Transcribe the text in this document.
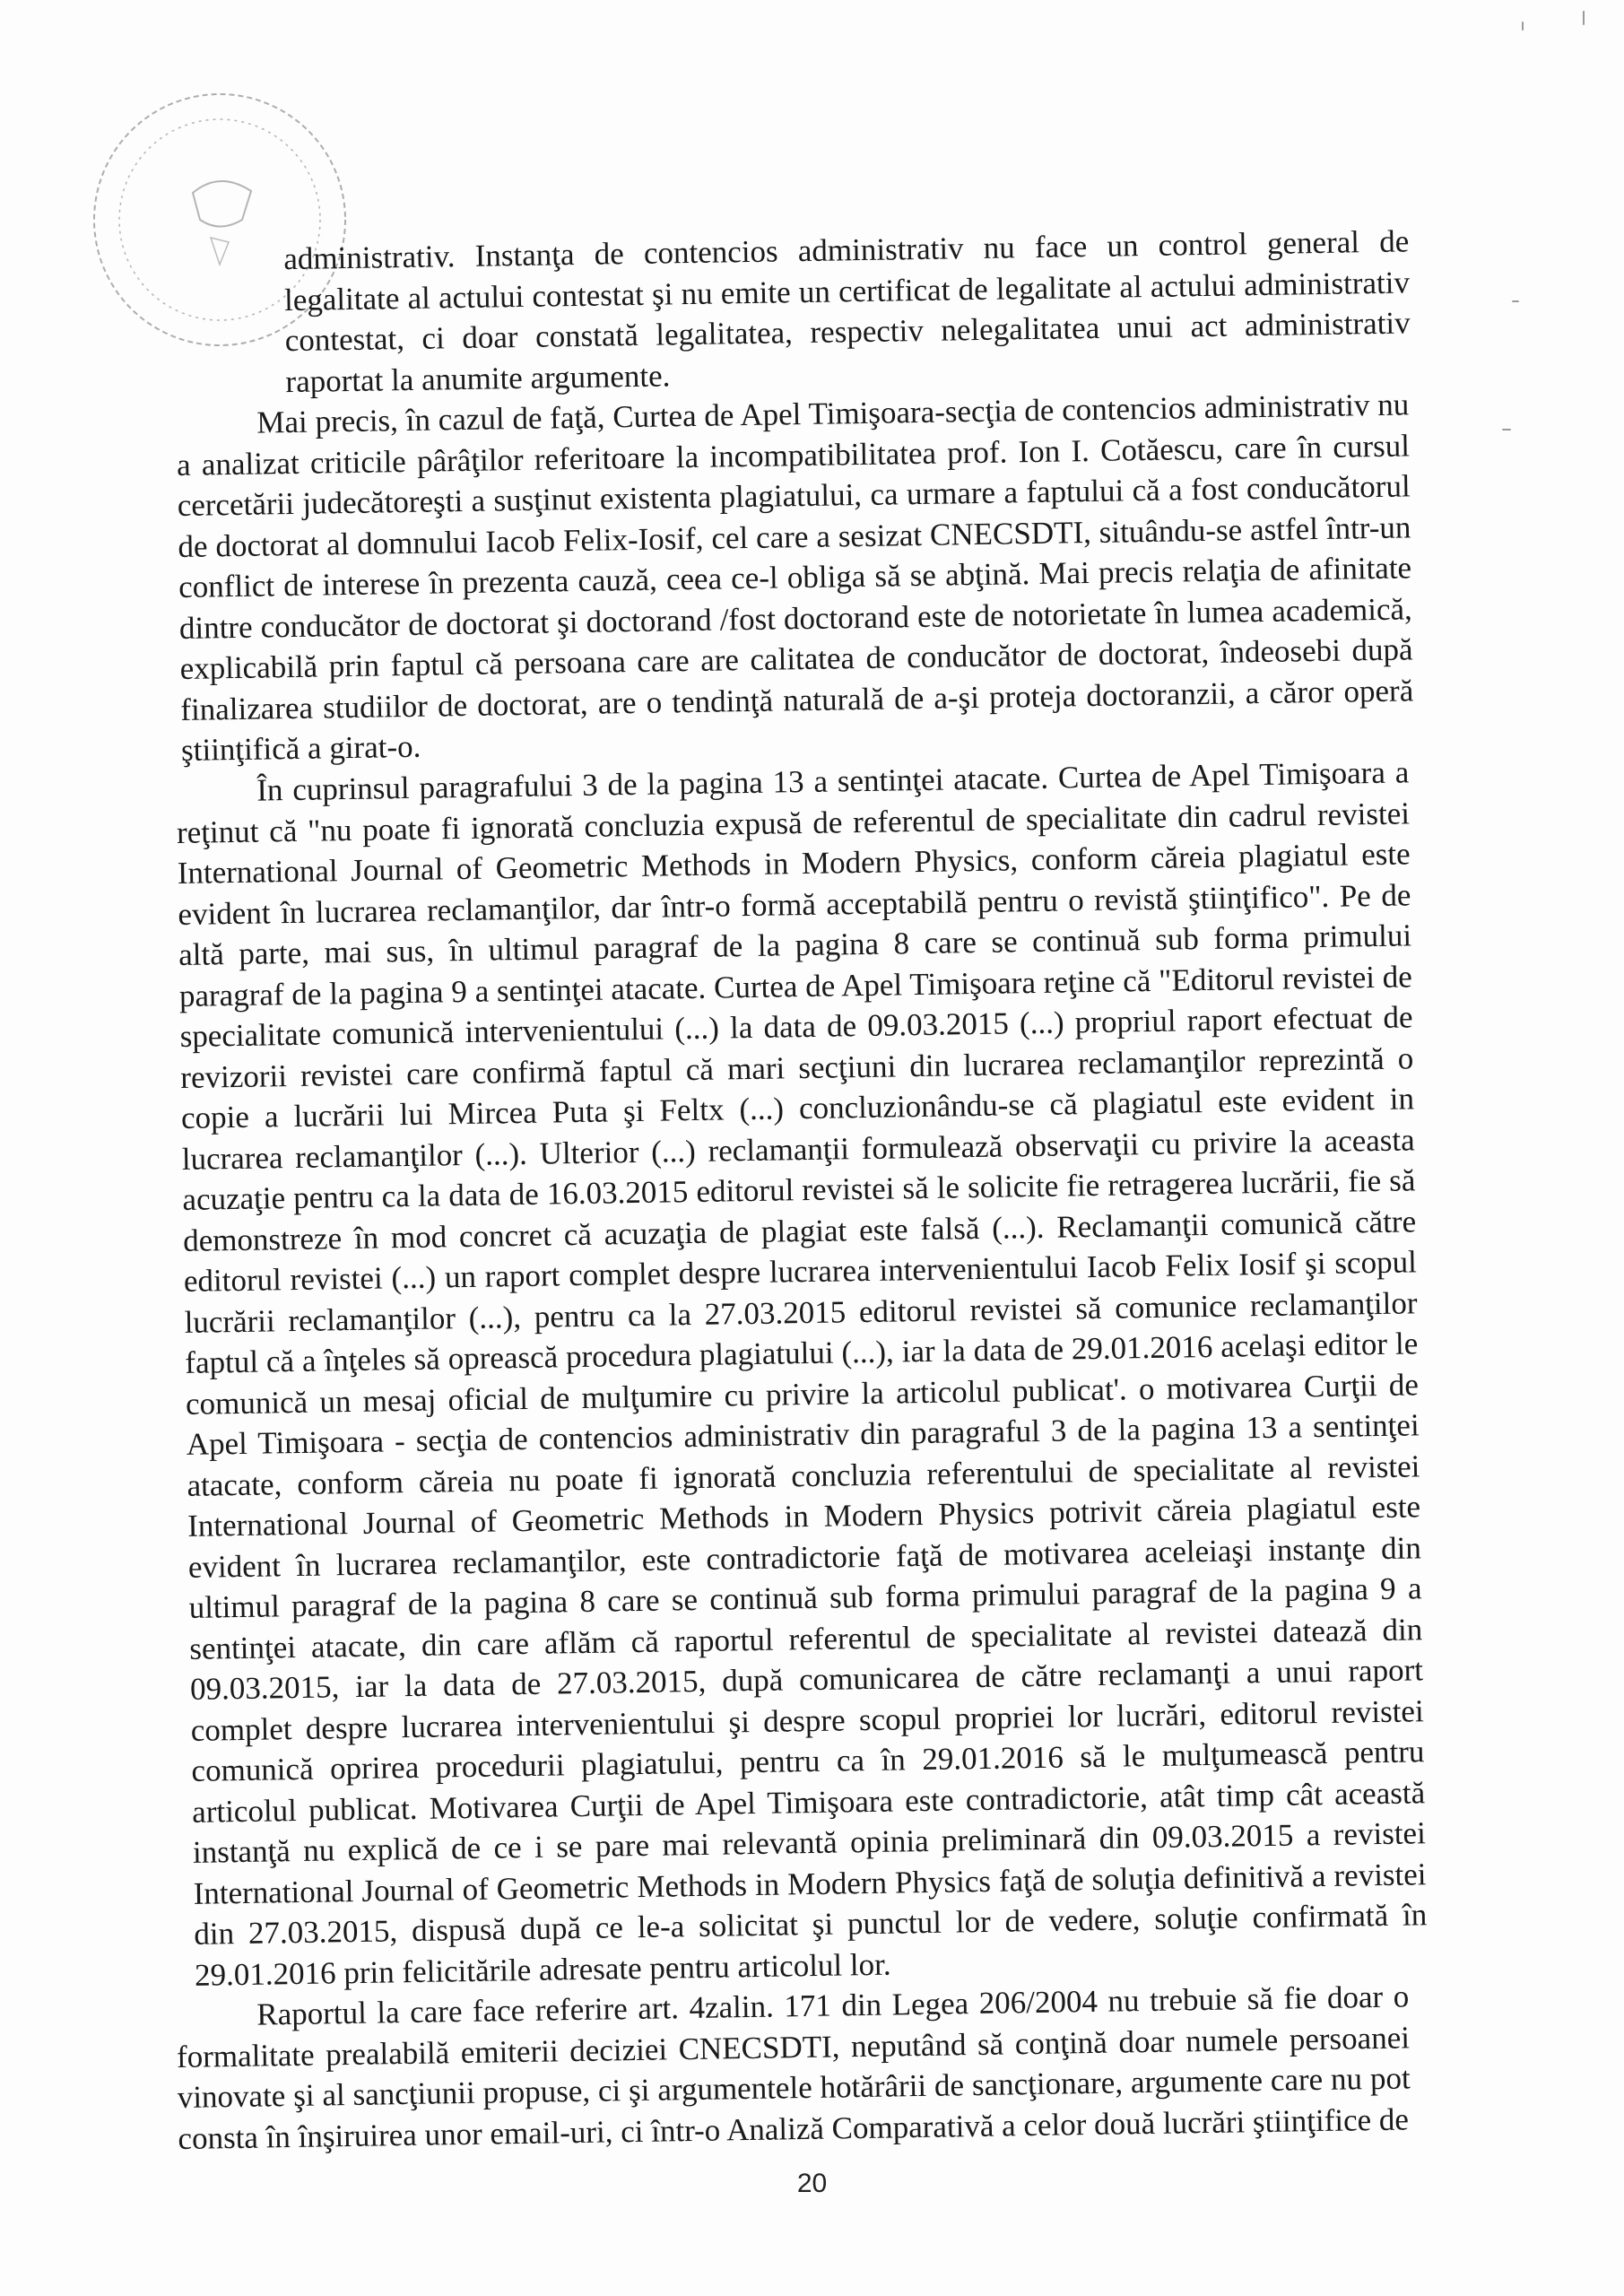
administrativ. Instanţa de contencios administrativ nu face un control general de legalitate al actului contestat şi nu emite un certificat de legalitate al actului administrativ contestat, ci doar constată legalitatea, respectiv nelegalitatea unui act administrativ raportat la anumite argumente.

Mai precis, în cazul de faţă, Curtea de Apel Timişoara-secţia de contencios administrativ nu a analizat criticile pârâţilor referitoare la incompatibilitatea prof. Ion I. Cotăescu, care în cursul cercetării judecătoreşti a susţinut existenta plagiatului, ca urmare a faptului că a fost conducătorul de doctorat al domnului Iacob Felix-Iosif, cel care a sesizat CNECSDTI, situându-se astfel într-un conflict de interese în prezenta cauză, ceea ce-l obliga să se abţină. Mai precis relaţia de afinitate dintre conducător de doctorat şi doctorand /fost doctorand este de notorietate în lumea academică, explicabilă prin faptul că persoana care are calitatea de conducător de doctorat, îndeosebi după finalizarea studiilor de doctorat, are o tendinţă naturală de a-şi proteja doctoranzii, a căror operă ştiinţifică a girat-o.

În cuprinsul paragrafului 3 de la pagina 13 a sentinţei atacate. Curtea de Apel Timişoara a reţinut că "nu poate fi ignorată concluzia expusă de referentul de specialitate din cadrul revistei International Journal of Geometric Methods in Modern Physics, conform căreia plagiatul este evident în lucrarea reclamanţilor, dar într-o formă acceptabilă pentru o revistă ştiinţifico". Pe de altă parte, mai sus, în ultimul paragraf de la pagina 8 care se continuă sub forma primului paragraf de la pagina 9 a sentinţei atacate. Curtea de Apel Timişoara reţine că "Editorul revistei de specialitate comunică intervenientului (...) la data de 09.03.2015 (...) propriul raport efectuat de revizorii revistei care confirmă faptul că mari secţiuni din lucrarea reclamanţilor reprezintă o copie a lucrării lui Mircea Puta şi Feltx (...) concluzionându-se că plagiatul este evident in lucrarea reclamanţilor (...). Ulterior (...) reclamanţii formulează observaţii cu privire la aceasta acuzaţie pentru ca la data de 16.03.2015 editorul revistei să le solicite fie retragerea lucrării, fie să demonstreze în mod concret că acuzaţia de plagiat este falsă (...). Reclamanţii comunică către editorul revistei (...) un raport complet despre lucrarea intervenientului Iacob Felix Iosif şi scopul lucrării reclamanţilor (...), pentru ca la 27.03.2015 editorul revistei să comunice reclamanţilor faptul că a înţeles să oprească procedura plagiatului (...), iar la data de 29.01.2016 acelaşi editor le comunică un mesaj oficial de mulţumire cu privire la articolul publicat'. o motivarea Curţii de Apel Timişoara - secţia de contencios administrativ din paragraful 3 de la pagina 13 a sentinţei atacate, conform căreia nu poate fi ignorată concluzia referentului de specialitate al revistei International Journal of Geometric Methods in Modern Physics potrivit căreia plagiatul este evident în lucrarea reclamanţilor, este contradictorie faţă de motivarea aceleiaşi instanţe din ultimul paragraf de la pagina 8 care se continuă sub forma primului paragraf de la pagina 9 a sentinţei atacate, din care aflăm că raportul referentul de specialitate al revistei datează din 09.03.2015, iar la data de 27.03.2015, după comunicarea de către reclamanţi a unui raport complet despre lucrarea intervenientului şi despre scopul propriei lor lucrări, editorul revistei comunică oprirea procedurii plagiatului, pentru ca în 29.01.2016 să le mulţumească pentru articolul publicat. Motivarea Curţii de Apel Timişoara este contradictorie, atât timp cât această instanţă nu explică de ce i se pare mai relevantă opinia preliminară din 09.03.2015 a revistei International Journal of Geometric Methods in Modern Physics faţă de soluţia definitivă a revistei din 27.03.2015, dispusă după ce le-a solicitat şi punctul lor de vedere, soluţie confirmată în 29.01.2016 prin felicitările adresate pentru articolul lor.

Raportul la care face referire art. 4zalin. 171 din Legea 206/2004 nu trebuie să fie doar o formalitate prealabilă emiterii deciziei CNECSDTI, neputând să conţină doar numele persoanei vinovate şi al sancţiunii propuse, ci şi argumentele hotărârii de sancţionare, argumente care nu pot consta în înşiruirea unor email-uri, ci într-o Analiză Comparativă a celor două lucrări ştiinţifice de

20
